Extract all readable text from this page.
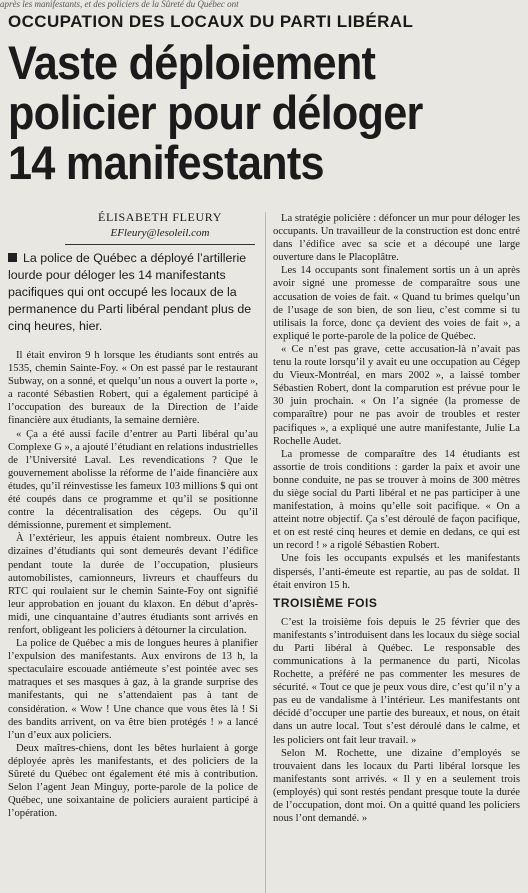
après les manifestants, et des policiers de la Sûreté du Québec ont
OCCUPATION DES LOCAUX DU PARTI LIBÉRAL
Vaste déploiement
policier pour déloger
14 manifestants
ÉLISABETH FLEURY
EFleury@lesoleil.com
La police de Québec a déployé l’artillerie lourde pour déloger les 14 manifestants pacifiques qui ont occupé les locaux de la permanence du Parti libéral pendant plus de cinq heures, hier.

Il était environ 9 h lorsque les étudiants sont entrés au 1535, chemin Sainte-Foy. « On est passé par le restaurant Subway, on a sonné, et quelqu’un nous a ouvert la porte », a raconté Sébastien Robert, qui a également participé à l’occupation des bureaux de la Direction de l’aide financière aux étudiants, la semaine dernière.

« Ça a été aussi facile d’entrer au Parti libéral qu’au Complexe G », a ajouté l’étudiant en relations industrielles de l’Université Laval. Les revendications ? Que le gouvernement abolisse la réforme de l’aide financière aux études, qu’il réinvestisse les fameux 103 millions $ qui ont été coupés dans ce programme et qu’il se positionne contre la décentralisation des cégeps. Ou qu’il démissionne, purement et simplement.

À l’extérieur, les appuis étaient nombreux. Outre les dizaines d’étudiants qui sont demeurés devant l’édifice pendant toute la durée de l’occupation, plusieurs automobilistes, camionneurs, livreurs et chauffeurs du RTC qui roulaient sur le chemin Sainte-Foy ont signifié leur approbation en jouant du klaxon. En début d’après-midi, une cinquantaine d’autres étudiants sont arrivés en renfort, obligeant les policiers à détourner la circulation.

La police de Québec a mis de longues heures à planifier l’expulsion des manifestants. Aux environs de 13 h, la spectaculaire escouade antiémeute s’est pointée avec ses matraques et ses masques à gaz, à la grande surprise des manifestants, qui ne s’attendaient pas à tant de considération. « Wow ! Une chance que vous êtes là ! Si des bandits arrivent, on va être bien protégés ! » a lancé l’un d’eux aux policiers.

Deux maîtres-chiens, dont les bêtes hurlaient à gorge déployée après les manifestants, et des policiers de la Sûreté du Québec ont également été mis à contribution. Selon l’agent Jean Minguy, porte-parole de la police de Québec, une soixantaine de policiers auraient participé à l’opération.

La stratégie policière : défoncer un mur pour déloger les occupants. Un travailleur de la construction est donc entré dans l’édifice avec sa scie et a découpé une large ouverture dans le Placoplâtre.

Les 14 occupants sont finalement sortis un à un après avoir signé une promesse de comparaître sous une accusation de voies de fait. « Quand tu brimes quelqu’un de l’usage de son bien, de son lieu, c’est comme si tu utilisais la force, donc ça devient des voies de fait », a expliqué le porte-parole de la police de Québec.

« Ce n’est pas grave, cette accusation-là n’avait pas tenu la route lorsqu’il y avait eu une occupation au Cégep du Vieux-Montréal, en mars 2002 », a laissé tomber Sébastien Robert, dont la comparution est prévue pour le 30 juin prochain. « On l’a signée (la promesse de comparaître) pour ne pas avoir de troubles et rester pacifiques », a expliqué une autre manifestante, Julie La Rochelle Audet.

La promesse de comparaître des 14 étudiants est assortie de trois conditions : garder la paix et avoir une bonne conduite, ne pas se trouver à moins de 300 mètres du siège social du Parti libéral et ne pas participer à une manifestation, à moins qu’elle soit pacifique. « On a atteint notre objectif. Ça s’est déroulé de façon pacifique, et on est resté cinq heures et demie en dedans, ce qui est un record ! » a rigolé Sébastien Robert.

Une fois les occupants expulsés et les manifestants dispersés, l’anti-émeute est repartie, au pas de soldat. Il était environ 15 h.

TROISIÈME FOIS

C’est la troisième fois depuis le 25 février que des manifestants s’introduisent dans les locaux du siège social du Parti libéral à Québec. Le responsable des communications à la permanence du parti, Nicolas Rochette, a préféré ne pas commenter les mesures de sécurité. « Tout ce que je peux vous dire, c’est qu’il n’y a pas eu de vandalisme à l’intérieur. Les manifestants ont décidé d’occuper une partie des bureaux, et nous, on était dans un autre local. Tout s’est déroulé dans le calme, et les policiers ont fait leur travail. »

Selon M. Rochette, une dizaine d’employés se trouvaient dans les locaux du Parti libéral lorsque les manifestants sont arrivés. « Il y en a seulement trois (employés) qui sont restés pendant presque toute la durée de l’occupation, dont moi. On a quitté quand les policiers nous l’ont demandé. »
